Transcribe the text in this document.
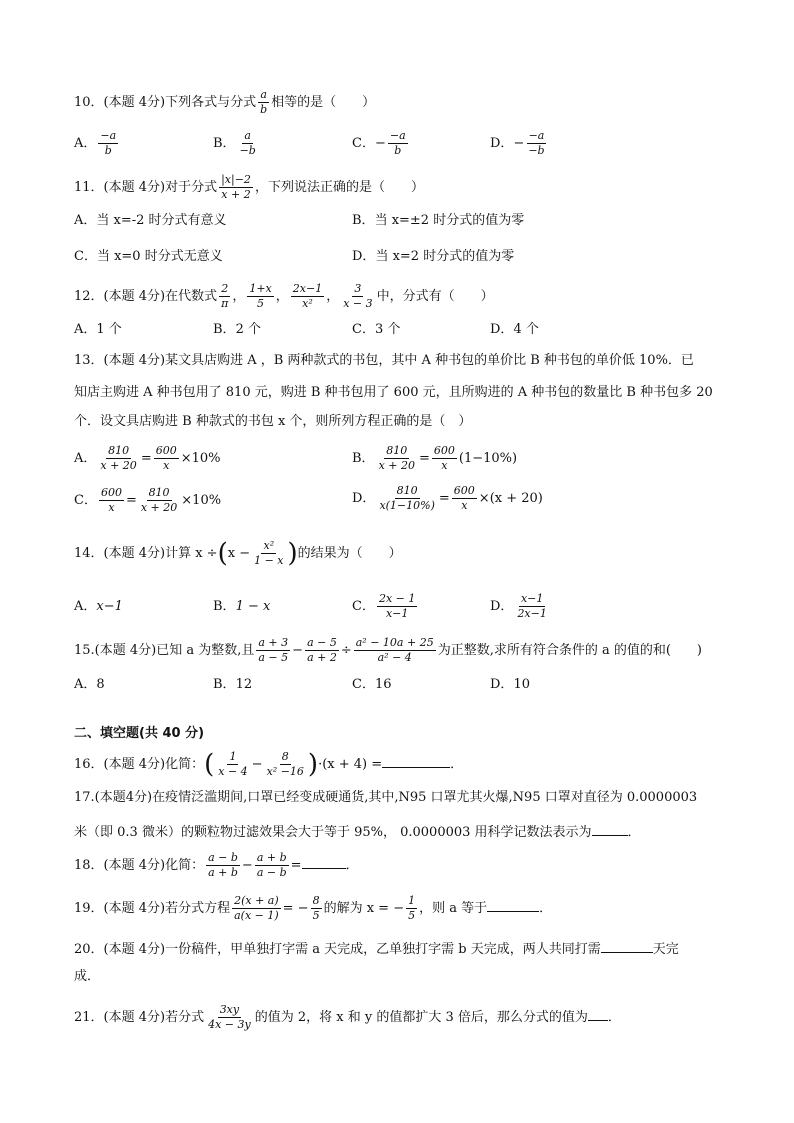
10．(本题 4分)下列各式与分式 $\frac{a}{b}$ 相等的是（　　）
A． $\frac{-a}{b}$	B． $\frac{a}{-b}$	C．− $\frac{-a}{b}$	D．− $\frac{-a}{-b}$
11．(本题 4分)对于分式 $\frac{|x|-2}{x + 2}$ ，下列说法正确的是（　　）
A．当 x=-2 时分式有意义	B．当 x=±2 时分式的值为零
C．当 x=0 时分式无意义	D．当 x=2 时分式的值为零
12．(本题 4分)在代数式 $\frac{2}{\pi}$ ， $\frac{1+x}{5}$ ， $\frac{2x-1}{\text{x²}}$ ， $\frac{3}{x - 3}$ 中，分式有（　　）
A．1 个	B．2 个	C．3 个	D．4 个
13．(本题 4分)某文具店购进 A ，B 两种款式的书包，其中 A 种书包的单价比 B 种书包的单价低 10%．已
知店主购进 A 种书包用了 810 元，购进 B 种书包用了 600 元，且所购进的 A 种书包的数量比 B 种书包多 20
个．设文具店购进 B 种款式的书包 x 个，则所列方程正确的是（　）
A． $\frac{810}{x + 20} = \frac{600}{x} \times 10\%$	B． $\frac{810}{x + 20} = \frac{600}{x} (1-10\%)$
C． $\frac{600}{x} = \frac{810}{x + 20} \times 10\%$	D． $\frac{810}{x(1-10\%)} = \frac{600}{x} \times(x + 20)$
14．(本题 4分)计算 $x \div(x - \frac{\text{x²}}{1 - x}$ )的结果为（　　）
A．x−1	B．1 − x	C． $\frac{2x - 1}{x-1}$	D． $\frac{x-1}{2x-1}$
15.(本题 4分)已知 a 为整数,且 $\frac{a + 3}{a - 5} - \frac{a - 5}{a + 2} \div \frac{\text{a² − 10a + 25}}{\text{a² − 4}}$ 为正整数,求所有符合条件的 a 的值的和(　　)
A．8	B．12	C．16	D．10
二、填空题(共 40 分)
16．(本题 4分)化简：( $\frac{1}{x - 4} - \frac{8}{\text{x² −16}} )\cdot(x + 4)$ =	．
17.(本题4分)在疫情泛滥期间,口罩已经变成硬通货,其中,N95 口罩尤其火爆,N95 口罩对直径为 0.0000003
米（即 0.3 微米）的颗粒物过滤效果会大于等于 95%， 0.0000003 用科学记数法表示为	．
18．(本题 4分)化简： $\frac{a - b}{a + b} - \frac{a + b}{a - b}$ =	．
19．(本题 4分)若分式方程 $\frac{2(x + a)}{a(x - 1)}$ = − $\frac{8}{5}$ 的解为 x = − $\frac{1}{5}$ ，则 a 等于	．
20．(本题 4分)一份稿件，甲单独打字需 a 天完成，乙单独打字需 b 天完成，两人共同打需	天完
成．
21．(本题 4分)若分式 $\frac{3xy}{4x - 3y}$ 的值为 2，将 x 和 y 的值都扩大 3 倍后，那么分式的值为 ．
